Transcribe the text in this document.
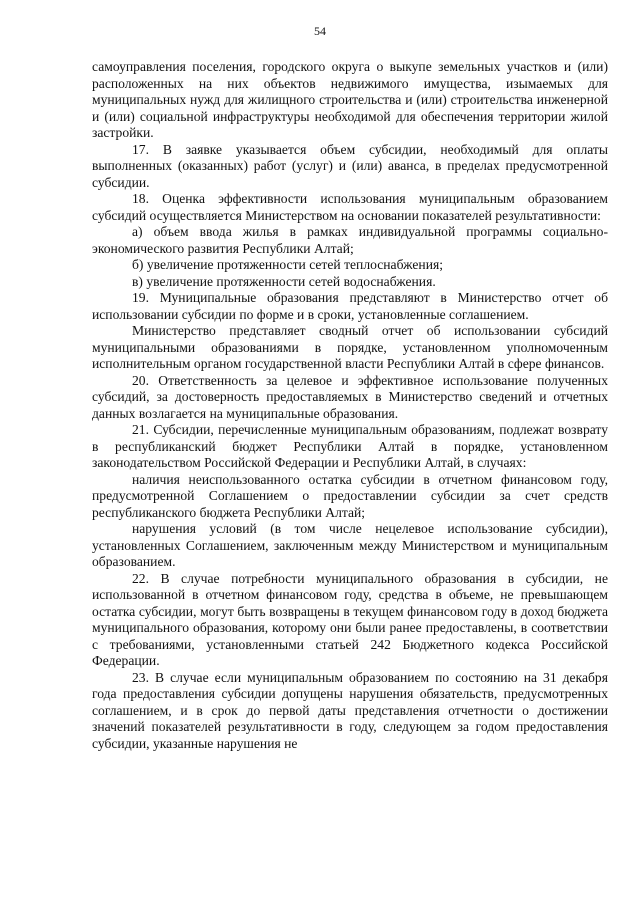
54

самоуправления поселения, городского округа о выкупе земельных участков и (или) расположенных на них объектов недвижимого имущества, изымаемых для муниципальных нужд для жилищного строительства и (или) строительства инженерной и (или) социальной инфраструктуры необходимой для обеспечения территории жилой застройки.

17. В заявке указывается объем субсидии, необходимый для оплаты выполненных (оказанных) работ (услуг) и (или) аванса, в пределах предусмотренной субсидии.

18. Оценка эффективности использования муниципальным образованием субсидий осуществляется Министерством на основании показателей результативности:

а) объем ввода жилья в рамках индивидуальной программы социально-экономического развития Республики Алтай;

б) увеличение протяженности сетей теплоснабжения;

в) увеличение протяженности сетей водоснабжения.

19. Муниципальные образования представляют в Министерство отчет об использовании субсидии по форме и в сроки, установленные соглашением.

Министерство представляет сводный отчет об использовании субсидий муниципальными образованиями в порядке, установленном уполномоченным исполнительным органом государственной власти Республики Алтай в сфере финансов.

20. Ответственность за целевое и эффективное использование полученных субсидий, за достоверность предоставляемых в Министерство сведений и отчетных данных возлагается на муниципальные образования.

21. Субсидии, перечисленные муниципальным образованиям, подлежат возврату в республиканский бюджет Республики Алтай в порядке, установленном законодательством Российской Федерации и Республики Алтай, в случаях:

наличия неиспользованного остатка субсидии в отчетном финансовом году, предусмотренной Соглашением о предоставлении субсидии за счет средств республиканского бюджета Республики Алтай;

нарушения условий (в том числе нецелевое использование субсидии), установленных Соглашением, заключенным между Министерством и муниципальным образованием.

22. В случае потребности муниципального образования в субсидии, не использованной в отчетном финансовом году, средства в объеме, не превышающем остатка субсидии, могут быть возвращены в текущем финансовом году в доход бюджета муниципального образования, которому они были ранее предоставлены, в соответствии с требованиями, установленными статьей 242 Бюджетного кодекса Российской Федерации.

23. В случае если муниципальным образованием по состоянию на 31 декабря года предоставления субсидии допущены нарушения обязательств, предусмотренных соглашением, и в срок до первой даты представления отчетности о достижении значений показателей результативности в году, следующем за годом предоставления субсидии, указанные нарушения не
